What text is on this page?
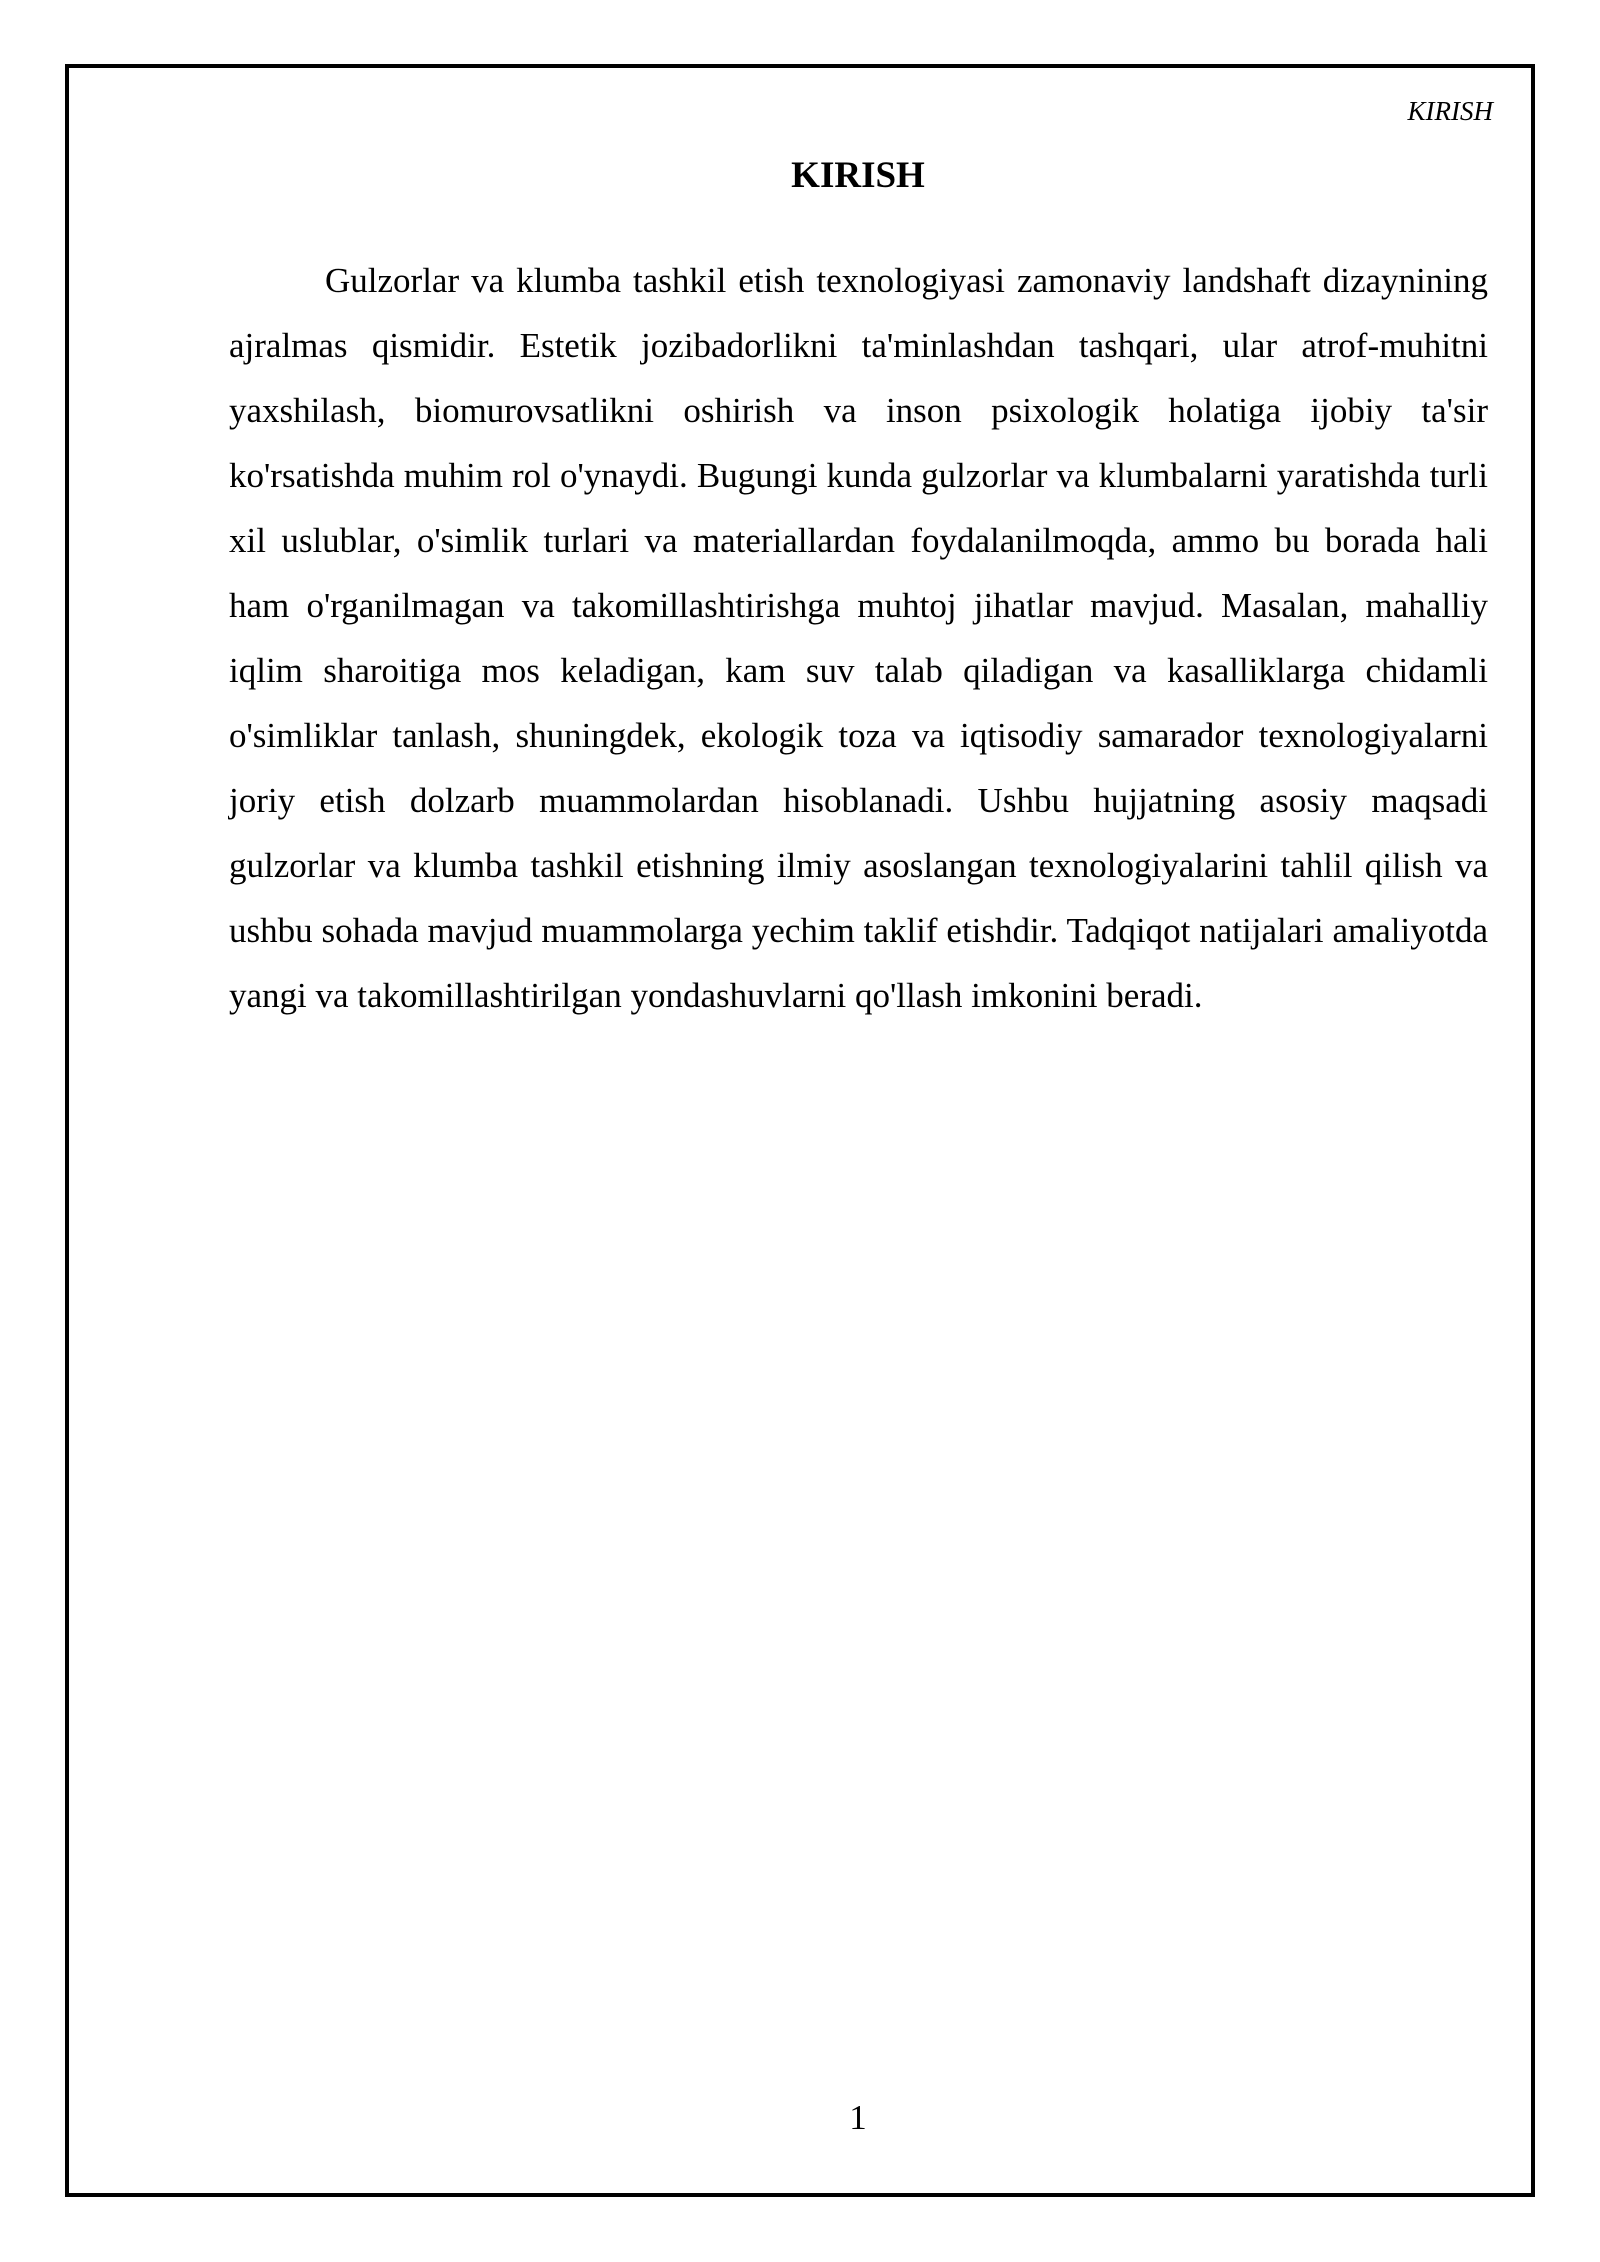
KIRISH
KIRISH

Gulzorlar va klumba tashkil etish texnologiyasi zamonaviy landshaft dizaynining ajralmas qismidir. Estetik jozibadorlikni ta'minlashdan tashqari, ular atrof-muhitni yaxshilash, biomurovsatlikni oshirish va inson psixologik holatiga ijobiy ta'sir ko'rsatishda muhim rol o'ynaydi. Bugungi kunda gulzorlar va klumbalarni yaratishda turli xil uslublar, o'simlik turlari va materiallardan foydalanilmoqda, ammo bu borada hali ham o'rganilmagan va takomillashtirishga muhtoj jihatlar mavjud. Masalan, mahalliy iqlim sharoitiga mos keladigan, kam suv talab qiladigan va kasalliklarga chidamli o'simliklar tanlash, shuningdek, ekologik toza va iqtisodiy samarador texnologiyalarni joriy etish dolzarb muammolardan hisoblanadi. Ushbu hujjatning asosiy maqsadi gulzorlar va klumba tashkil etishning ilmiy asoslangan texnologiyalarini tahlil qilish va ushbu sohada mavjud muammolarga yechim taklif etishdir. Tadqiqot natijalari amaliyotda yangi va takomillashtirilgan yondashuvlarni qo'llash imkonini beradi.

1
